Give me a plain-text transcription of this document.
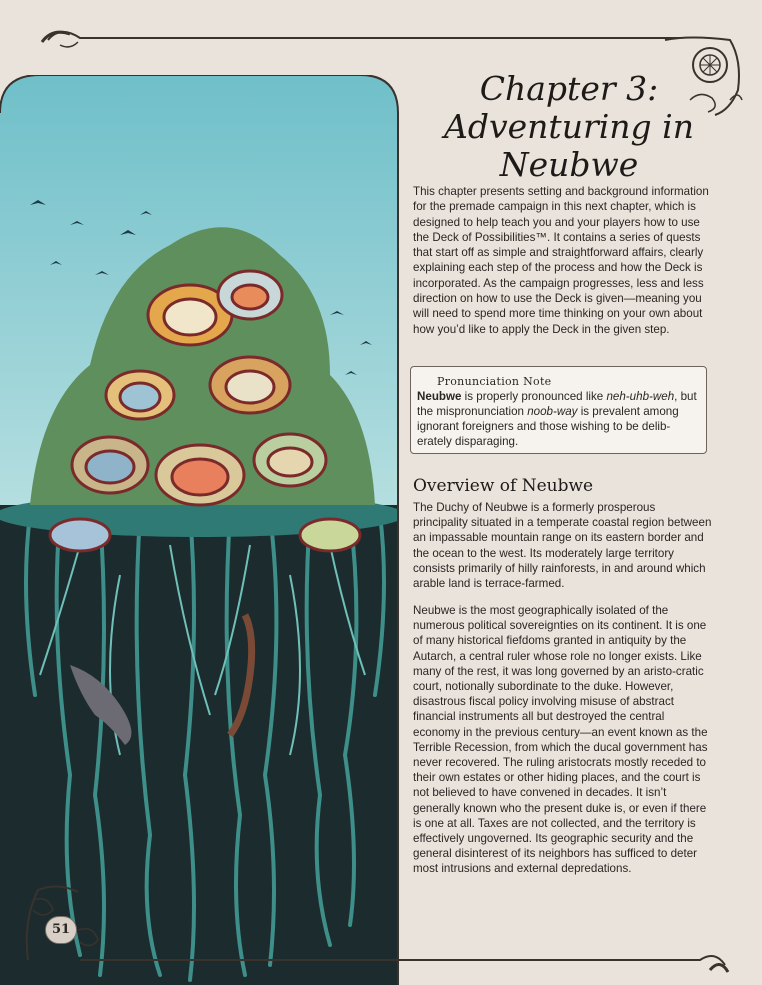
51
Chapter 3:
Adventuring in
Neubwe
This chapter presents setting and background information for the premade campaign in this next chapter, which is designed to help teach you and your players how to use the Deck of Possibilities™. It contains a series of quests that start off as simple and straightforward affairs, clearly explaining each step of the process and how the Deck is incorporated. As the campaign progresses, less and less direction on how to use the Deck is given—meaning you will need to spend more time thinking on your own about how you’d like to apply the Deck in the given step.
Pronunciation Note
Neubwe is properly pronounced like neh-uhb-weh, but the mispronunciation noob-way is prevalent among ignorant foreigners and those wishing to be delib-erately disparaging.
Overview of Neubwe
The Duchy of Neubwe is a formerly prosperous principality situated in a temperate coastal region between an impassable mountain range on its eastern border and the ocean to the west. Its moderately large territory consists primarily of hilly rainforests, in and around which arable land is terrace-farmed.
Neubwe is the most geographically isolated of the numerous political sovereignties on its continent. It is one of many historical fiefdoms granted in antiquity by the Autarch, a central ruler whose role no longer exists. Like many of the rest, it was long governed by an aristo-cratic court, notionally subordinate to the duke. However, disastrous fiscal policy involving misuse of abstract financial instruments all but destroyed the central economy in the previous century—an event known as the Terrible Recession, from which the ducal government has never recovered. The ruling aristocrats mostly receded to their own estates or other hiding places, and the court is not believed to have convened in decades. It isn’t generally known who the present duke is, or even if there is one at all. Taxes are not collected, and the territory is effectively ungoverned. Its geographic security and the general disinterest of its neighbors has sufficed to deter most intrusions and external depredations.
